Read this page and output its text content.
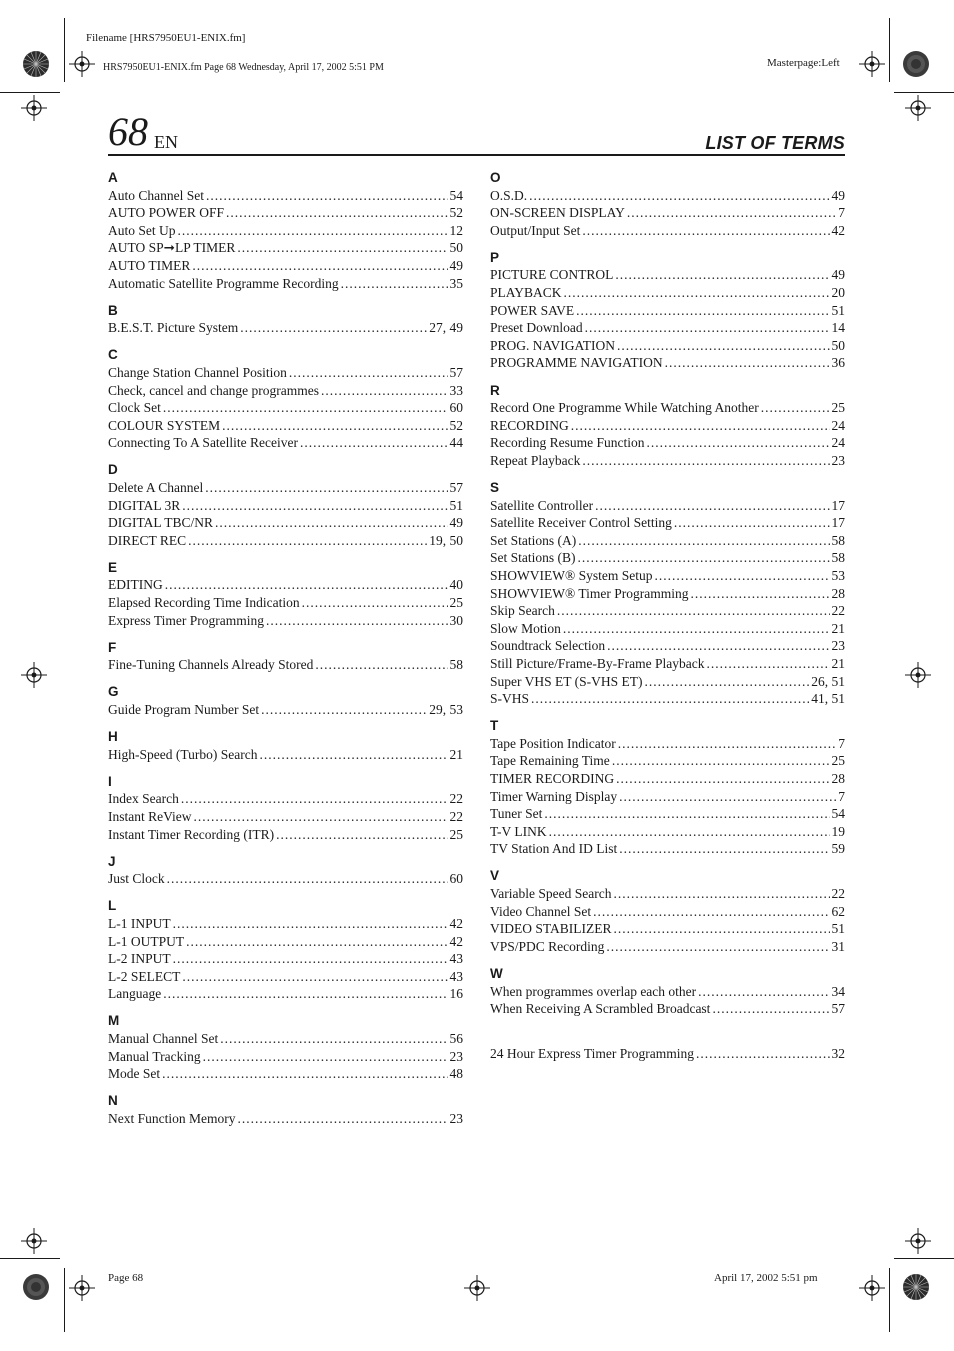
Filename [HRS7950EU1-ENIX.fm]
HRS7950EU1-ENIX.fm Page 68 Wednesday, April 17, 2002 5:51 PM	Masterpage:Left
68 EN	LIST OF TERMS
A
Auto Channel Set .....	54
AUTO POWER OFF .....	52
Auto Set Up .....	12
AUTO SP➞LP TIMER .....	50
AUTO TIMER .....	49
Automatic Satellite Programme Recording .....	35
B
B.E.S.T. Picture System .....	27, 49
C
Change Station Channel Position .....	57
Check, cancel and change programmes .....	33
Clock Set .....	60
COLOUR SYSTEM .....	52
Connecting To A Satellite Receiver .....	44
D
Delete A Channel .....	57
DIGITAL 3R .....	51
DIGITAL TBC/NR .....	49
DIRECT REC .....	19, 50
E
EDITING .....	40
Elapsed Recording Time Indication .....	25
Express Timer Programming .....	30
F
Fine-Tuning Channels Already Stored .....	58
G
Guide Program Number Set .....	29, 53
H
High-Speed (Turbo) Search .....	21
I
Index Search .....	22
Instant ReView .....	22
Instant Timer Recording (ITR) .....	25
J
Just Clock .....	60
L
L-1 INPUT .....	42
L-1 OUTPUT .....	42
L-2 INPUT .....	43
L-2 SELECT .....	43
Language .....	16
M
Manual Channel Set .....	56
Manual Tracking .....	23
Mode Set .....	48
N
Next Function Memory .....	23
O
O.S.D. .....	49
ON-SCREEN DISPLAY .....	7
Output/Input Set .....	42
P
PICTURE CONTROL .....	49
PLAYBACK .....	20
POWER SAVE .....	51
Preset Download .....	14
PROG. NAVIGATION .....	50
PROGRAMME NAVIGATION .....	36
R
Record One Programme While Watching Another .....	25
RECORDING .....	24
Recording Resume Function .....	24
Repeat Playback .....	23
S
Satellite Controller .....	17
Satellite Receiver Control Setting .....	17
Set Stations (A) .....	58
Set Stations (B) .....	58
SHOWVIEW® System Setup .....	53
SHOWVIEW® Timer Programming .....	28
Skip Search .....	22
Slow Motion .....	21
Soundtrack Selection .....	23
Still Picture/Frame-By-Frame Playback .....	21
Super VHS ET (S-VHS ET) .....	26, 51
S-VHS .....	41, 51
T
Tape Position Indicator .....	7
Tape Remaining Time .....	25
TIMER RECORDING .....	28
Timer Warning Display .....	7
Tuner Set .....	54
T-V LINK .....	19
TV Station And ID List .....	59
V
Variable Speed Search .....	22
Video Channel Set .....	62
VIDEO STABILIZER .....	51
VPS/PDC Recording .....	31
W
When programmes overlap each other .....	34
When Receiving A Scrambled Broadcast .....	57
24 Hour Express Timer Programming .....	32
Page 68	April 17, 2002 5:51 pm
